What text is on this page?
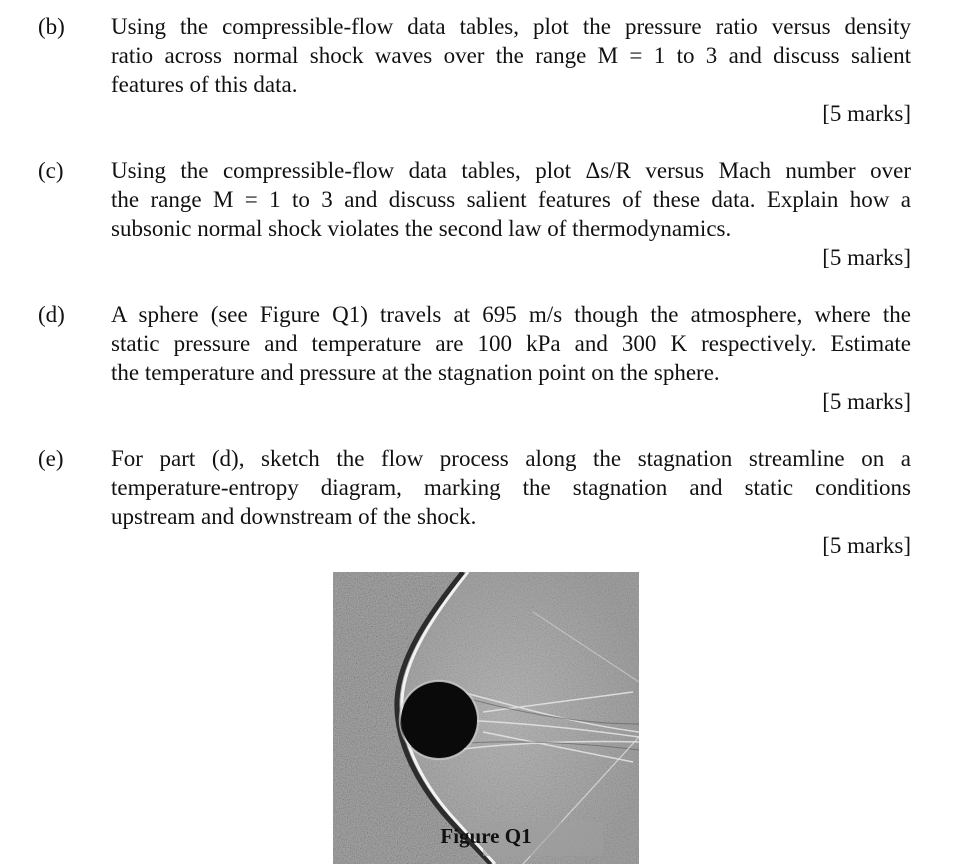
(b) Using the compressible-flow data tables, plot the pressure ratio versus density
ratio across normal shock waves over the range M = 1 to 3 and discuss salient
features of this data.
[5 marks]
(c) Using the compressible-flow data tables, plot Δs/R versus Mach number over
the range M = 1 to 3 and discuss salient features of these data. Explain how a
subsonic normal shock violates the second law of thermodynamics.
[5 marks]
(d) A sphere (see Figure Q1) travels at 695 m/s though the atmosphere, where the
static pressure and temperature are 100 kPa and 300 K respectively. Estimate
the temperature and pressure at the stagnation point on the sphere.
[5 marks]
(e) For part (d), sketch the flow process along the stagnation streamline on a
temperature-entropy diagram, marking the stagnation and static conditions
upstream and downstream of the shock.
[5 marks]
Figure Q1
